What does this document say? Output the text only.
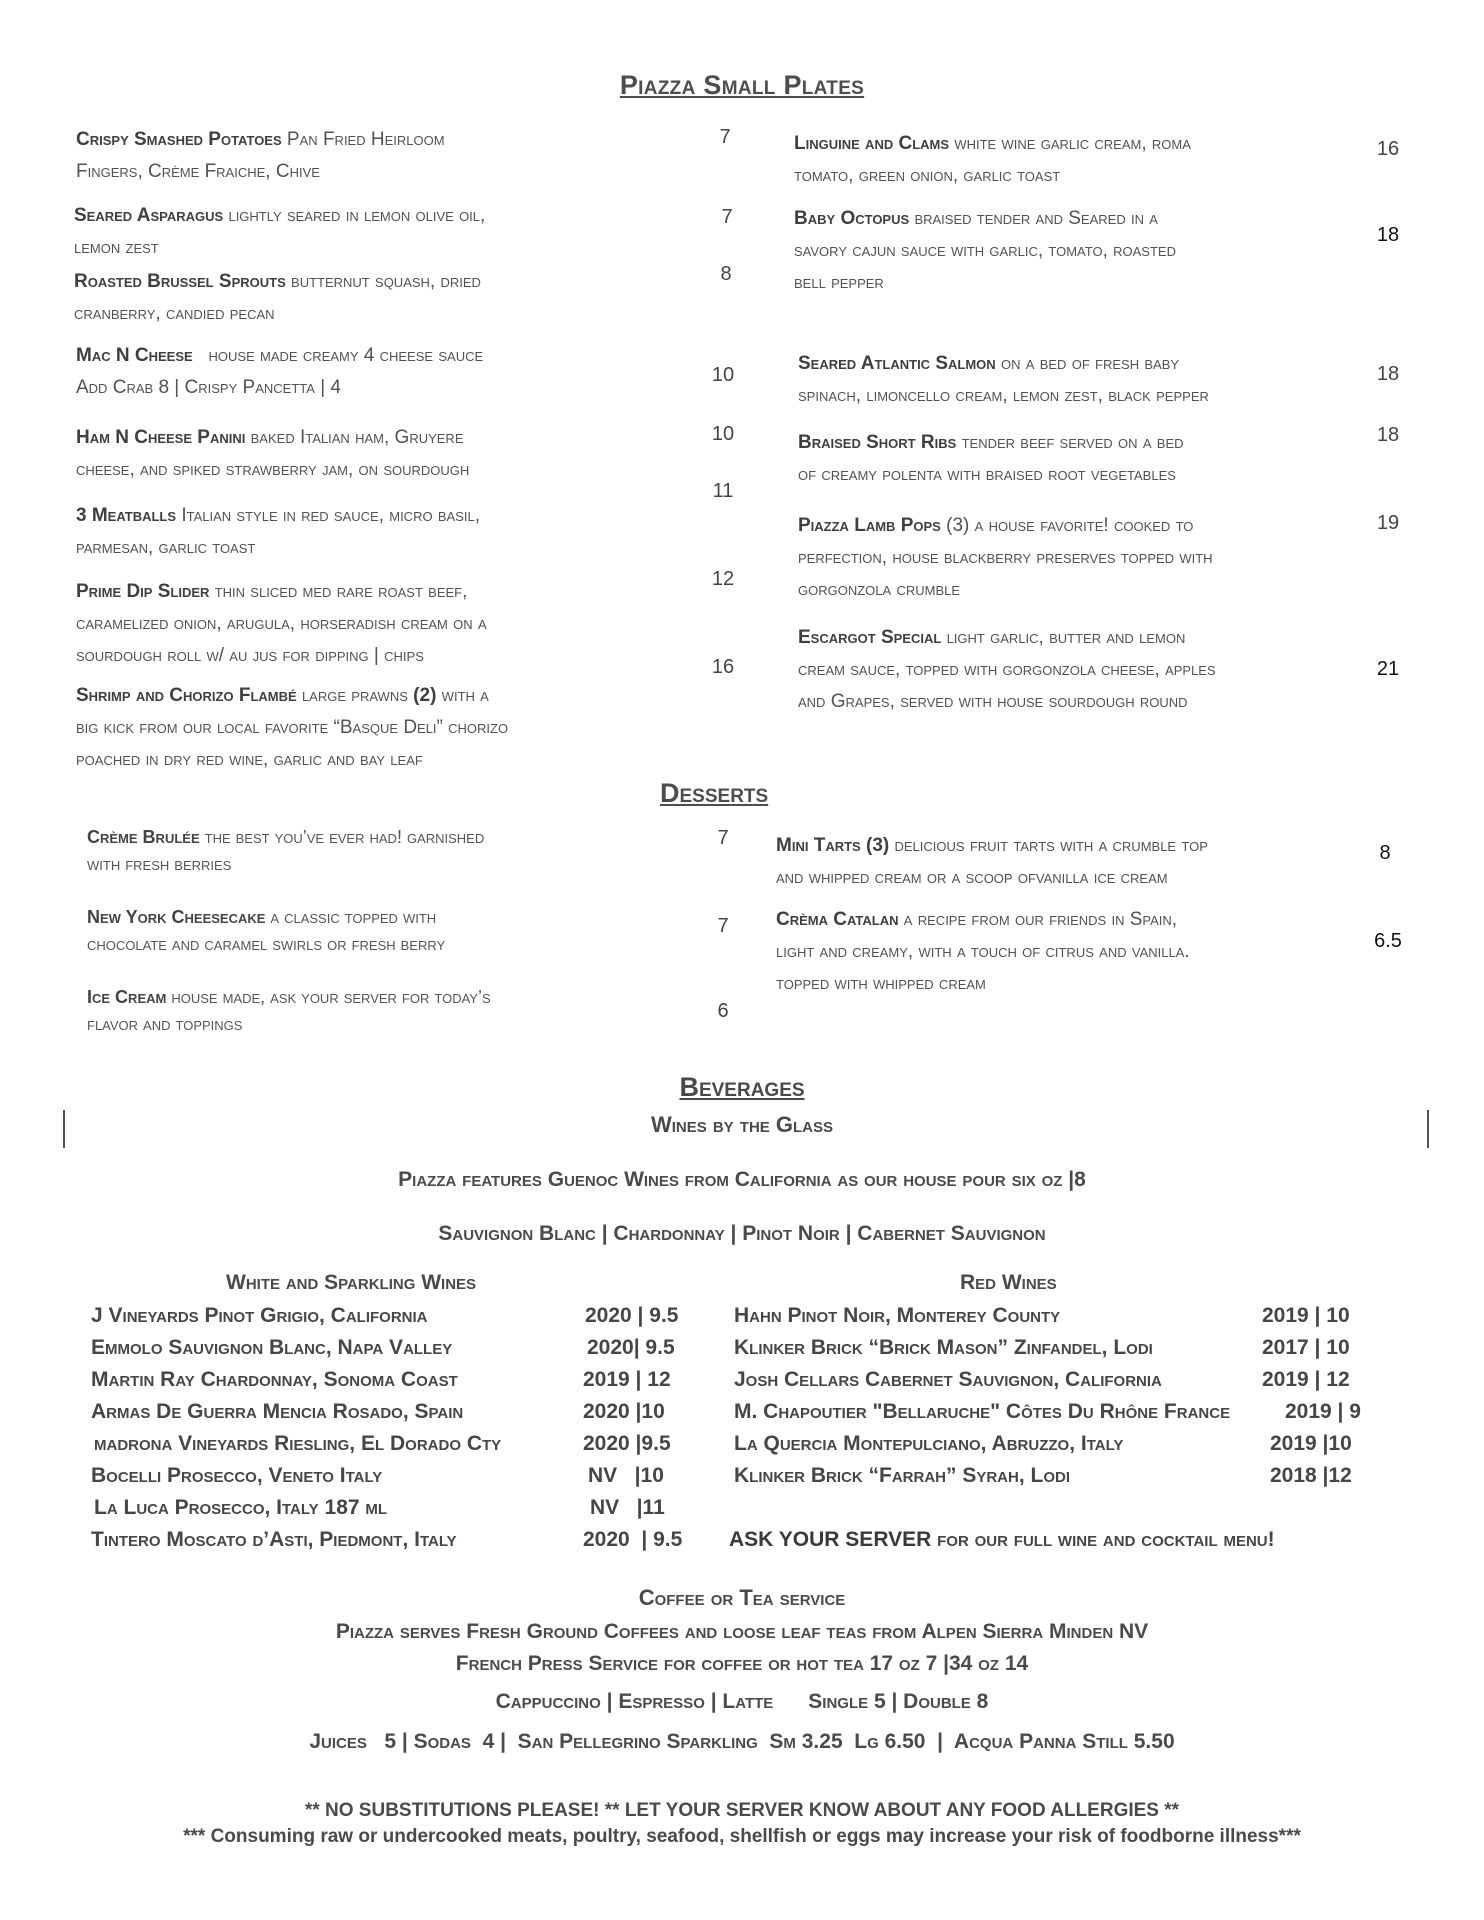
Piazza Small Plates
Crispy Smashed Potatoes Pan Fried Heirloom
Fingers, Crème Fraiche, Chive
7
Seared Asparagus lightly seared in lemon olive oil,
lemon zest
7
Roasted Brussel Sprouts butternut squash, dried
cranberry, candied pecan
8
Mac N Cheese   house made creamy 4 cheese sauce
Add Crab 8 | Crispy Pancetta | 4
10
Ham N Cheese Panini baked Italian ham, Gruyere
cheese, and spiked strawberry jam, on sourdough
10
3 Meatballs Italian style in red sauce, micro basil,
parmesan, garlic toast
11
Prime Dip Slider thin sliced med rare roast beef,
caramelized onion, arugula, horseradish cream on a
sourdough roll w/ au jus for dipping | chips
12
Shrimp and Chorizo Flambé large prawns (2) with a
big kick from our local favorite “Basque Deli” chorizo
poached in dry red wine, garlic and bay leaf
16
Linguine and Clams white wine garlic cream, roma
tomato, green onion, garlic toast
16
Baby Octopus braised tender and Seared in a
savory cajun sauce with garlic, tomato, roasted
bell pepper
18
Seared Atlantic Salmon on a bed of fresh baby
spinach, limoncello cream, lemon zest, black pepper
18
Braised Short Ribs tender beef served on a bed
of creamy polenta with braised root vegetables
18
Piazza Lamb Pops (3) a house favorite! cooked to
perfection, house blackberry preserves topped with
gorgonzola crumble
19
Escargot Special light garlic, butter and lemon
cream sauce, topped with gorgonzola cheese, apples
and Grapes, served with house sourdough round
21
Desserts
Crème Brulée the best you’ve ever had! garnished
with fresh berries
7
New York Cheesecake a classic topped with
chocolate and caramel swirls or fresh berry
7
Ice Cream house made, ask your server for today’s
flavor and toppings
6
Mini Tarts (3) delicious fruit tarts with a crumble top
and whipped cream or a scoop ofvanilla ice cream
8
Crèma Catalan a recipe from our friends in Spain,
light and creamy, with a touch of citrus and vanilla.
topped with whipped cream
6.5
Beverages
Wines by the Glass
Piazza features Guenoc Wines from California as our house pour six oz |8
Sauvignon Blanc | Chardonnay | Pinot Noir | Cabernet Sauvignon
White and Sparkling Wines	Red Wines
J Vineyards Pinot Grigio, California	2020 | 9.5
Emmolo Sauvignon Blanc, Napa Valley	2020| 9.5
Martin Ray Chardonnay, Sonoma Coast	2019 | 12
Armas De Guerra Mencia Rosado, Spain	2020 |10
madrona Vineyards Riesling, El Dorado Cty	2020 |9.5
Bocelli Prosecco, Veneto Italy	NV   |10
La Luca Prosecco, Italy 187 ml	NV   |11
Tintero Moscato d’Asti, Piedmont, Italy	2020  | 9.5
Hahn Pinot Noir, Monterey County	2019 | 10
Klinker Brick “Brick Mason” Zinfandel, Lodi	2017 | 10
Josh Cellars Cabernet Sauvignon, California	2019 | 12
M. Chapoutier "Bellaruche" Côtes Du Rhône France	2019 | 9
La Quercia Montepulciano, Abruzzo, Italy	2019 |10
Klinker Brick “Farrah” Syrah, Lodi	2018 |12
ASK YOUR SERVER for our full wine and cocktail menu!
Coffee or Tea service
Piazza serves Fresh Ground Coffees and loose leaf teas from Alpen Sierra Minden NV
French Press Service for coffee or hot tea 17 oz 7 |34 oz 14
Cappuccino | Espresso | Latte      Single 5 | Double 8
Juices   5 | Sodas  4 |  San Pellegrino Sparkling  Sm 3.25  Lg 6.50  |  Acqua Panna Still 5.50
** NO SUBSTITUTIONS PLEASE! ** LET YOUR SERVER KNOW ABOUT ANY FOOD ALLERGIES **
*** Consuming raw or undercooked meats, poultry, seafood, shellfish or eggs may increase your risk of foodborne illness***
